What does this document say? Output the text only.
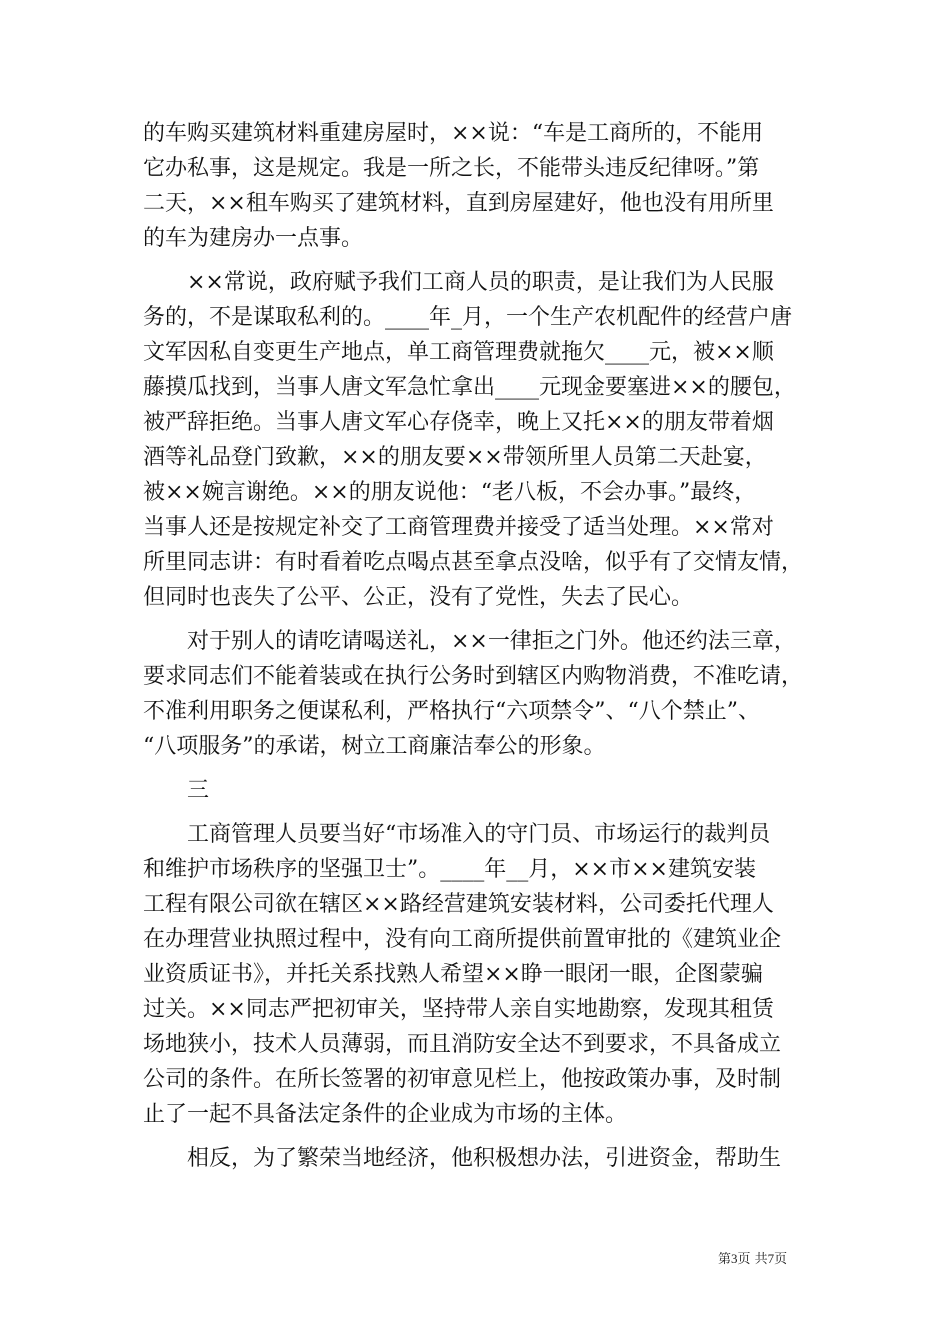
的车购买建筑材料重建房屋时，××说：“车是工商所的，不能用
它办私事，这是规定。我是一所之长，不能带头违反纪律呀。”第
二天，××租车购买了建筑材料，直到房屋建好，他也没有用所里
的车为建房办一点事。
　　××常说，政府赋予我们工商人员的职责，是让我们为人民服
务的，不是谋取私利的。____年_月，一个生产农机配件的经营户唐
文军因私自变更生产地点，单工商管理费就拖欠____元，被××顺
藤摸瓜找到，当事人唐文军急忙拿出____元现金要塞进××的腰包，
被严辞拒绝。当事人唐文军心存侥幸，晚上又托××的朋友带着烟
酒等礼品登门致歉，××的朋友要××带领所里人员第二天赴宴，
被××婉言谢绝。××的朋友说他：“老八板，不会办事。”最终，
当事人还是按规定补交了工商管理费并接受了适当处理。××常对
所里同志讲：有时看着吃点喝点甚至拿点没啥，似乎有了交情友情，
但同时也丧失了公平、公正，没有了党性，失去了民心。
　　对于别人的请吃请喝送礼，××一律拒之门外。他还约法三章，
要求同志们不能着装或在执行公务时到辖区内购物消费，不准吃请，
不准利用职务之便谋私利，严格执行“六项禁令”、“八个禁止”、
“八项服务”的承诺，树立工商廉洁奉公的形象。
　　三
　　工商管理人员要当好“市场准入的守门员、市场运行的裁判员
和维护市场秩序的坚强卫士”。____年__月，××市××建筑安装
工程有限公司欲在辖区××路经营建筑安装材料，公司委托代理人
在办理营业执照过程中，没有向工商所提供前置审批的《建筑业企
业资质证书》，并托关系找熟人希望××睁一眼闭一眼，企图蒙骗
过关。××同志严把初审关，坚持带人亲自实地勘察，发现其租赁
场地狭小，技术人员薄弱，而且消防安全达不到要求，不具备成立
公司的条件。在所长签署的初审意见栏上，他按政策办事，及时制
止了一起不具备法定条件的企业成为市场的主体。
　　相反，为了繁荣当地经济，他积极想办法，引进资金，帮助生
第3页 共7页
